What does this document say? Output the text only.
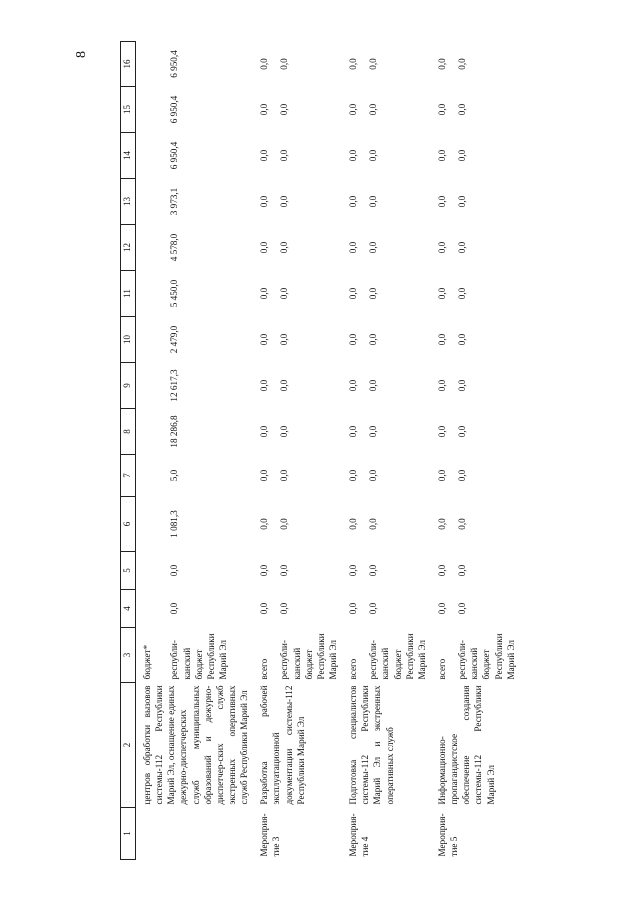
8
1	2	3	4	5	6	7	8	9	10	11	12	13	14	15	16
	центров обработки вызовов системы-112 Республики Марий Эл, оснащение единых дежурно-диспетчерских служб муниципальных образований и дежурно-диспетчер-ских служб экстренных оперативных служб Республики Марий Эл	бюджет*													
		республи-канский бюджет Республики Марий Эл	0,0	0,0	1 081,3	5,0	18 286,8	12 617,3	2 479,0	5 450,0	4 578,0	3 973,1	6 950,4	6 950,4	6 950,4
Мероприя-тие 3	Разработка рабочей эксплуатационной документации системы-112 Республики Марий Эл	всего	0,0	0,0	0,0	0,0	0,0	0,0	0,0	0,0	0,0	0,0	0,0	0,0	0,0
		республи-канский бюджет Республики Марий Эл	0,0	0,0	0,0	0,0	0,0	0,0	0,0	0,0	0,0	0,0	0,0	0,0	0,0
Мероприя-тие 4	Подготовка специалистов системы-112 Республики Марий Эл и экстренных оперативных служб	всего	0,0	0,0	0,0	0,0	0,0	0,0	0,0	0,0	0,0	0,0	0,0	0,0	0,0
		республи-канский бюджет Республики Марий Эл	0,0	0,0	0,0	0,0	0,0	0,0	0,0	0,0	0,0	0,0	0,0	0,0	0,0
Мероприя-тие 5	Информационно-пропагандистское обеспечение создания системы-112 Республики Марий Эл	всего	0,0	0,0	0,0	0,0	0,0	0,0	0,0	0,0	0,0	0,0	0,0	0,0	0,0
		республи-канский бюджет Республики Марий Эл	0,0	0,0	0,0	0,0	0,0	0,0	0,0	0,0	0,0	0,0	0,0	0,0	0,0
